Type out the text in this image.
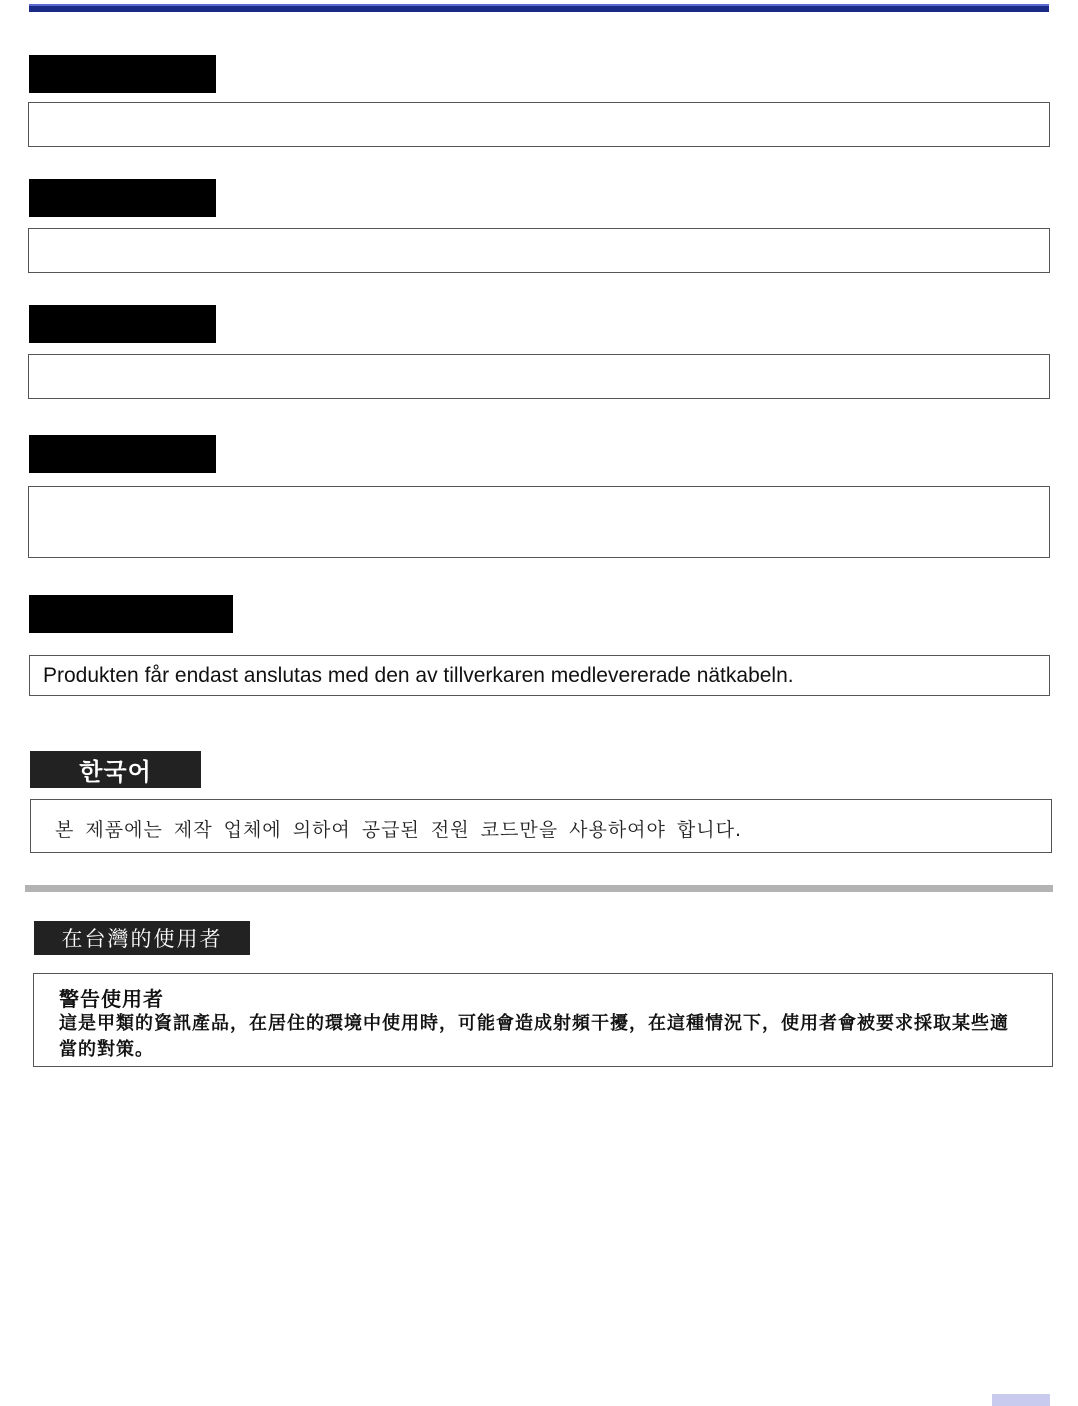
Produkten får endast anslutas med den av tillverkaren medlevererade nätkabeln.
한국어
본 제품에는 제작 업체에 의하여 공급된 전원 코드만을 사용하여야 합니다.
在台灣的使用者
警告使用者
這是甲類的資訊產品，在居住的環境中使用時，可能會造成射頻干擾，在這種情況下，使用者會被要求採取某些適當的對策。
